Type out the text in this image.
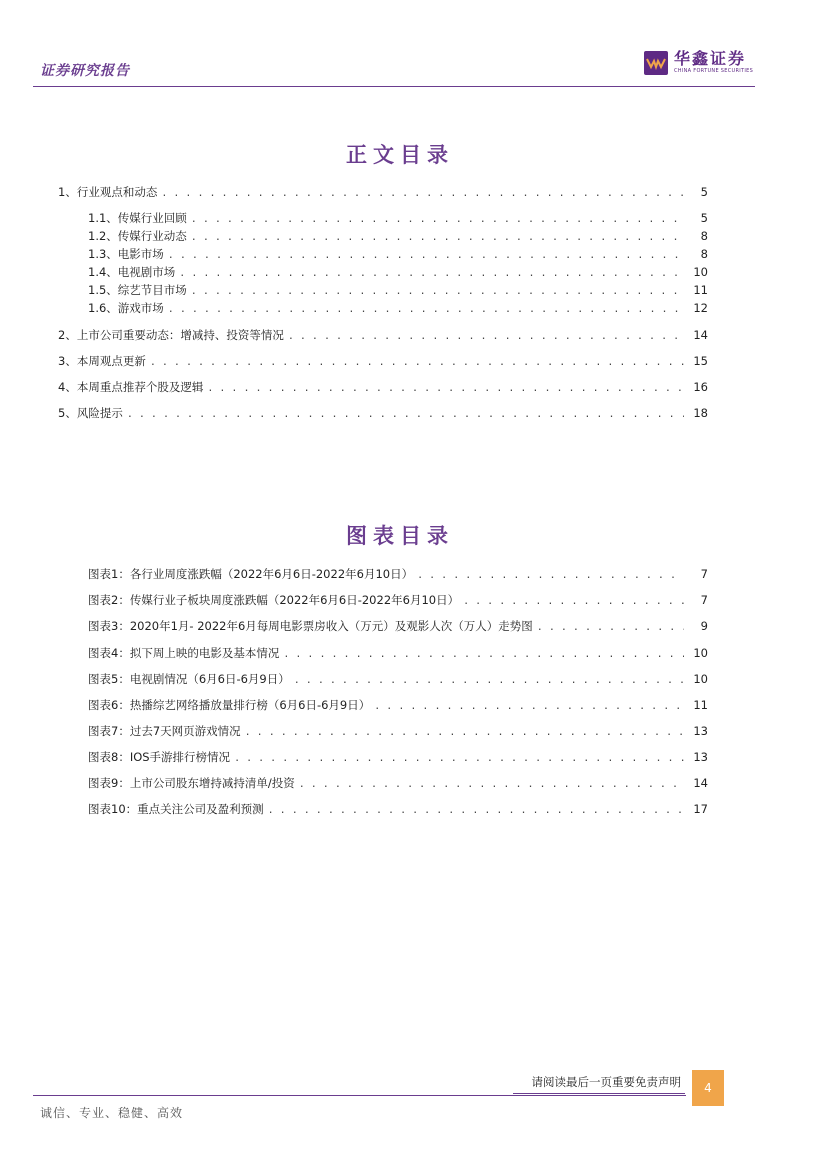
证券研究报告
华鑫证券
CHINA FORTUNE SECURITIES
正文目录
1、行业观点和动态 . . .	5
1.1、传媒行业回顾 . . .	5
1.2、传媒行业动态 . . .	8
1.3、电影市场 . . .	8
1.4、电视剧市场 . . .	10
1.5、综艺节目市场 . . .	11
1.6、游戏市场 . . .	12
2、上市公司重要动态：增减持、投资等情况 . . .	14
3、本周观点更新 . . .	15
4、本周重点推荐个股及逻辑 . . .	16
5、风险提示 . . .	18
图表目录
图表1：各行业周度涨跌幅（2022年6月6日-2022年6月10日） . . .	7
图表2：传媒行业子板块周度涨跌幅（2022年6月6日-2022年6月10日） . . .	7
图表3：2020年1月- 2022年6月每周电影票房收入（万元）及观影人次（万人）走势图 . . .	9
图表4：拟下周上映的电影及基本情况 . . .	10
图表5：电视剧情况（6月6日-6月9日） . . .	10
图表6：热播综艺网络播放量排行榜（6月6日-6月9日） . . .	11
图表7：过去7天网页游戏情况 . . .	13
图表8：IOS手游排行榜情况 . . .	13
图表9：上市公司股东增持减持清单/投资 . . .	14
图表10：重点关注公司及盈利预测 . . .	17
请阅读最后一页重要免责声明	4
诚信、专业、稳健、高效
